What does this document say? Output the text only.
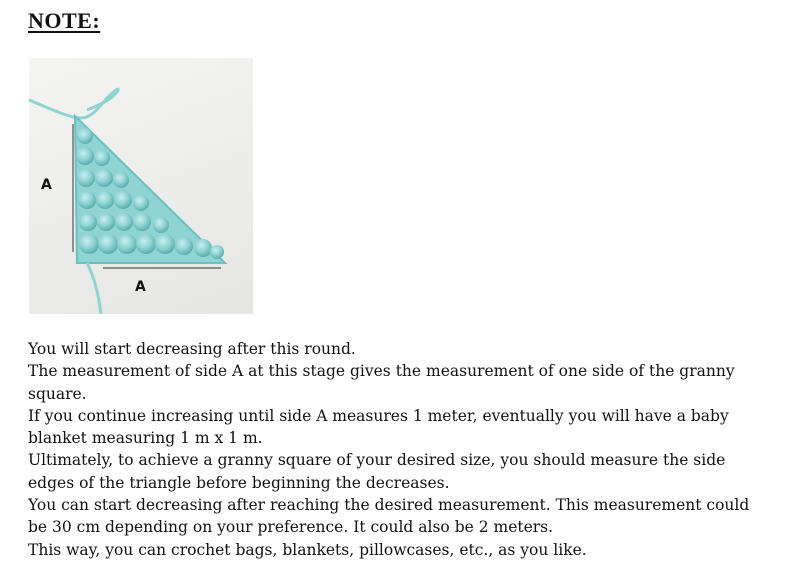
NOTE:
A
A

You will start decreasing after this round.

The measurement of side A at this stage gives the measurement of one side of the granny square.

If you continue increasing until side A measures 1 meter, eventually you will have a baby blanket measuring 1 m x 1 m.

Ultimately, to achieve a granny square of your desired size, you should measure the side edges of the triangle before beginning the decreases.

You can start decreasing after reaching the desired measurement. This measurement could be 30 cm depending on your preference. It could also be 2 meters.

This way, you can crochet bags, blankets, pillowcases, etc., as you like.
